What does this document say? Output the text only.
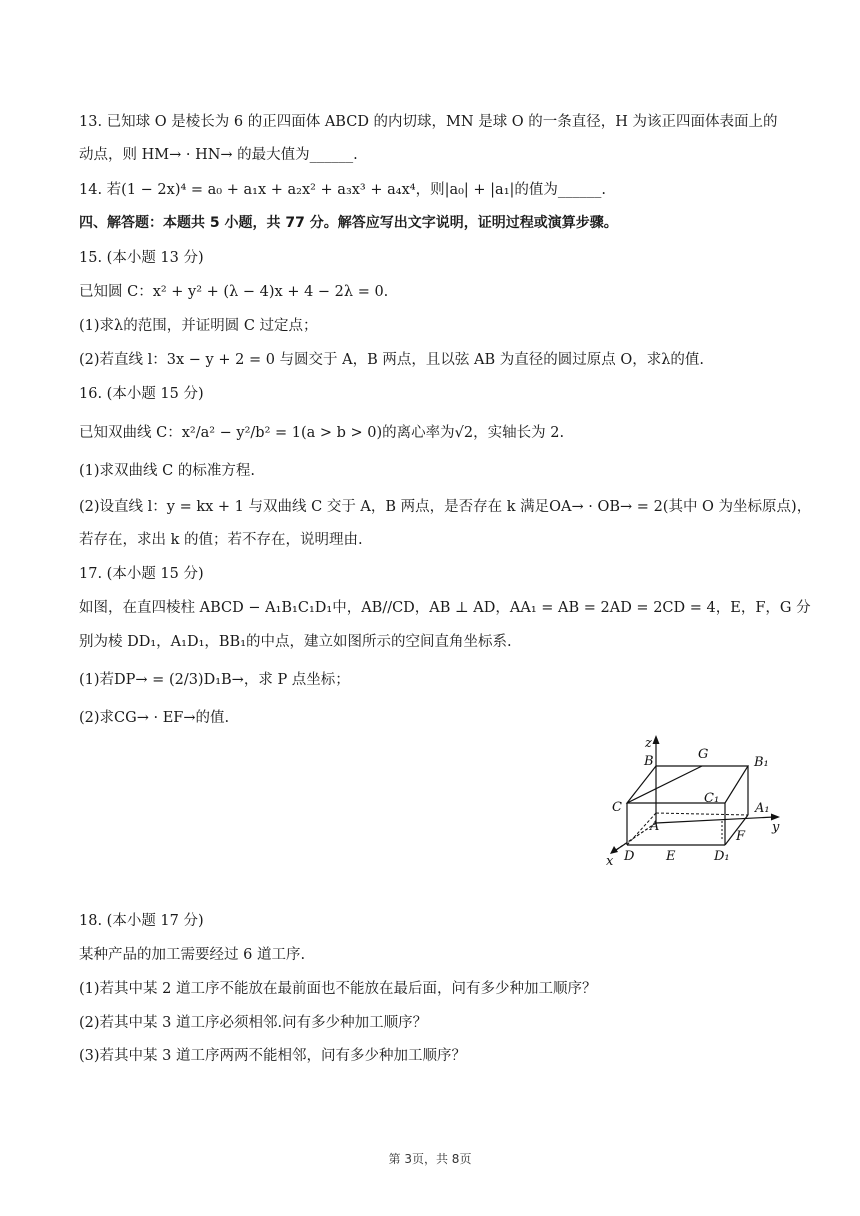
13. 已知球 O 是棱长为 6 的正四面体 ABCD 的内切球，MN 是球 O 的一条直径，H 为该正四面体表面上的
动点，则 HM→ · HN→ 的最大值为______.
14. 若(1 − 2x)⁴ = a₀ + a₁x + a₂x² + a₃x³ + a₄x⁴，则|a₀| + |a₁|的值为______.
四、解答题：本题共 5 小题，共 77 分。解答应写出文字说明，证明过程或演算步骤。
15. (本小题 13 分)
已知圆 C：x² + y² + (λ − 4)x + 4 − 2λ = 0.
(1)求λ的范围，并证明圆 C 过定点；
(2)若直线 l：3x − y + 2 = 0 与圆交于 A，B 两点，且以弦 AB 为直径的圆过原点 O，求λ的值.
16. (本小题 15 分)
已知双曲线 C：x²/a² − y²/b² = 1(a > b > 0)的离心率为√2，实轴长为 2.
(1)求双曲线 C 的标准方程.
(2)设直线 l：y = kx + 1 与双曲线 C 交于 A，B 两点，是否存在 k 满足OA→ · OB→ = 2(其中 O 为坐标原点)，
若存在，求出 k 的值；若不存在，说明理由.
17. (本小题 15 分)
如图，在直四棱柱 ABCD − A₁B₁C₁D₁中，AB//CD，AB ⊥ AD，AA₁ = AB = 2AD = 2CD = 4，E，F，G 分
别为棱 DD₁，A₁D₁，BB₁的中点，建立如图所示的空间直角坐标系.
(1)若DP→ = (2/3)D₁B→，求 P 点坐标；
(2)求CG→ · EF→的值.
z
y
x
B	G
B₁
C
C₁
A₁
A
F
D E	D₁
18. (本小题 17 分)
某种产品的加工需要经过 6 道工序.
(1)若其中某 2 道工序不能放在最前面也不能放在最后面，问有多少种加工顺序？
(2)若其中某 3 道工序必须相邻.问有多少种加工顺序？
(3)若其中某 3 道工序两两不能相邻，问有多少种加工顺序？
第 3页，共 8页
